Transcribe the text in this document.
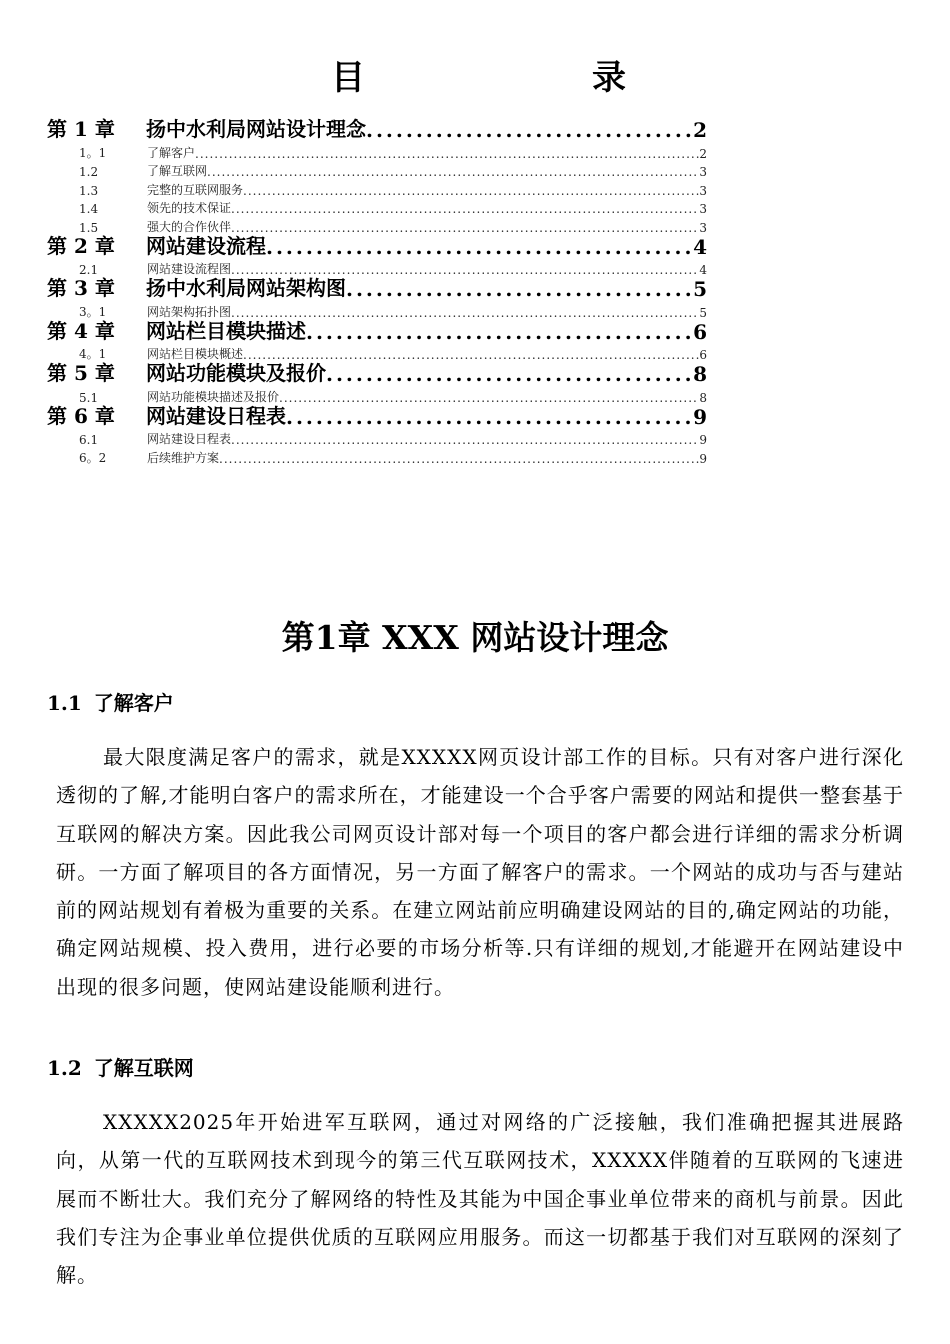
目	录
第 1 章	扬中水利局网站设计理念 .....	2
1。1	了解客户 .....	2
1.2	了解互联网 .....	3
1.3	完整的互联网服务 .....	3
1.4	领先的技术保证 .....	3
1.5	强大的合作伙伴 .....	3
第 2 章	网站建设流程 .....	4
2.1	网站建设流程图 .....	4
第 3 章	扬中水利局网站架构图 .....	5
3。1	网站架构拓扑图 .....	5
第 4 章	网站栏目模块描述 .....	6
4。1	网站栏目模块概述 .....	6
第 5 章	网站功能模块及报价 .....	8
5.1	网站功能模块描述及报价 .....	8
第 6 章	网站建设日程表 .....	9
6.1	网站建设日程表 .....	9
6。2	后续维护方案 .....	9
第1章 XXX 网站设计理念
1.1 了解客户
最大限度满足客户的需求，就是XXXXX网页设计部工作的目标。只有对客户进行深化透彻的了解,才能明白客户的需求所在，才能建设一个合乎客户需要的网站和提供一整套基于互联网的解决方案。因此我公司网页设计部对每一个项目的客户都会进行详细的需求分析调研。一方面了解项目的各方面情况，另一方面了解客户的需求。一个网站的成功与否与建站前的网站规划有着极为重要的关系。在建立网站前应明确建设网站的目的,确定网站的功能，确定网站规模、投入费用，进行必要的市场分析等.只有详细的规划,才能避开在网站建设中出现的很多问题，使网站建设能顺利进行。
1.2 了解互联网
XXXXX2025年开始进军互联网，通过对网络的广泛接触，我们准确把握其进展路向，从第一代的互联网技术到现今的第三代互联网技术，XXXXX伴随着的互联网的飞速进展而不断壮大。我们充分了解网络的特性及其能为中国企事业单位带来的商机与前景。因此我们专注为企事业单位提供优质的互联网应用服务。而这一切都基于我们对互联网的深刻了解。
